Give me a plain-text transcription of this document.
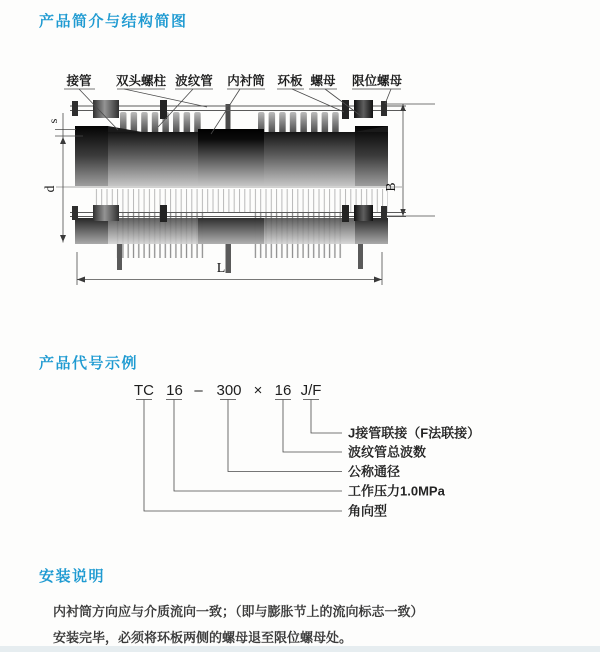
产品简介与结构简图
产品代号示例
安装说明
接管 双头螺柱 波纹管 内衬筒 环板 螺母 限位螺母
s
d	B
L
TC 16 – 300 × 16 J/F
J接管联接（F法联接）
波纹管总波数
公称通径
工作压力1.0MPa
角向型
内衬筒方向应与介质流向一致；（即与膨胀节上的流向标志一致）
安装完毕，必须将环板两侧的螺母退至限位螺母处。
